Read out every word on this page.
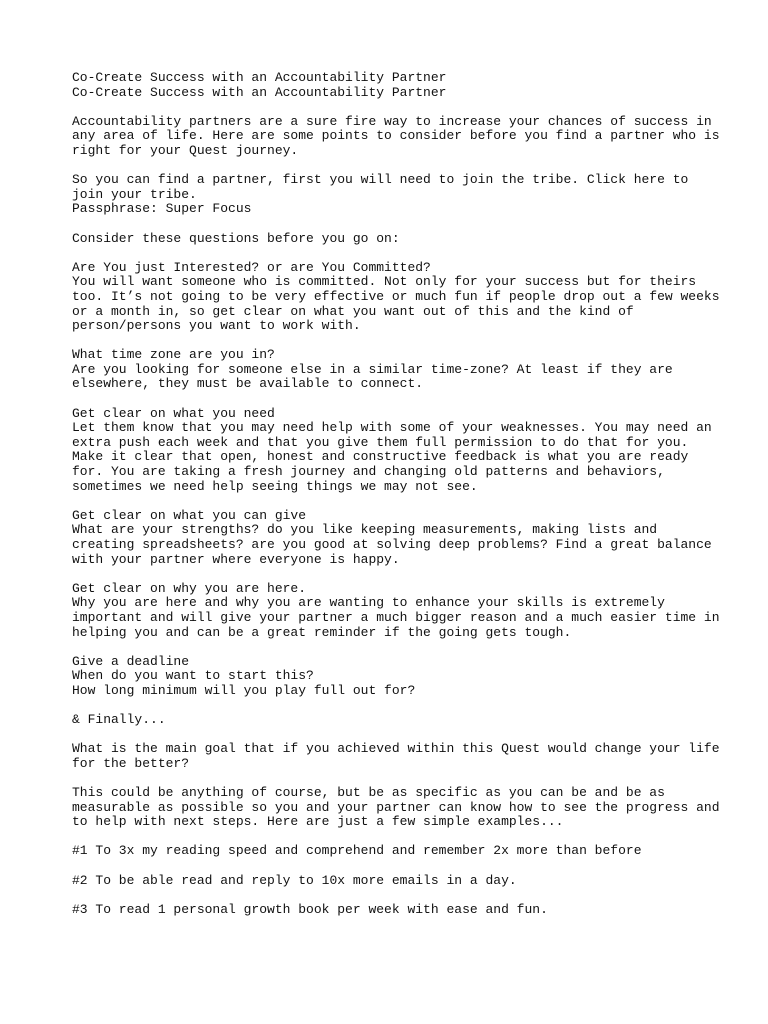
Co-Create Success with an Accountability Partner
Co-Create Success with an Accountability Partner
Accountability partners are a sure fire way to increase your chances of success in
any area of life. Here are some points to consider before you find a partner who is
right for your Quest journey.
So you can find a partner, first you will need to join the tribe. Click here to
join your tribe.
Passphrase: Super Focus
Consider these questions before you go on:
Are You just Interested? or are You Committed?
You will want someone who is committed. Not only for your success but for theirs
too. It’s not going to be very effective or much fun if people drop out a few weeks
or a month in, so get clear on what you want out of this and the kind of
person/persons you want to work with.
What time zone are you in?
Are you looking for someone else in a similar time-zone? At least if they are
elsewhere, they must be available to connect.
Get clear on what you need
Let them know that you may need help with some of your weaknesses. You may need an
extra push each week and that you give them full permission to do that for you.
Make it clear that open, honest and constructive feedback is what you are ready
for. You are taking a fresh journey and changing old patterns and behaviors,
sometimes we need help seeing things we may not see.
Get clear on what you can give
What are your strengths? do you like keeping measurements, making lists and
creating spreadsheets? are you good at solving deep problems? Find a great balance
with your partner where everyone is happy.
Get clear on why you are here.
Why you are here and why you are wanting to enhance your skills is extremely
important and will give your partner a much bigger reason and a much easier time in
helping you and can be a great reminder if the going gets tough.
Give a deadline
When do you want to start this?
How long minimum will you play full out for?
& Finally...
What is the main goal that if you achieved within this Quest would change your life
for the better?
This could be anything of course, but be as specific as you can be and be as
measurable as possible so you and your partner can know how to see the progress and
to help with next steps. Here are just a few simple examples...
#1 To 3x my reading speed and comprehend and remember 2x more than before
#2 To be able read and reply to 10x more emails in a day.
#3 To read 1 personal growth book per week with ease and fun.
